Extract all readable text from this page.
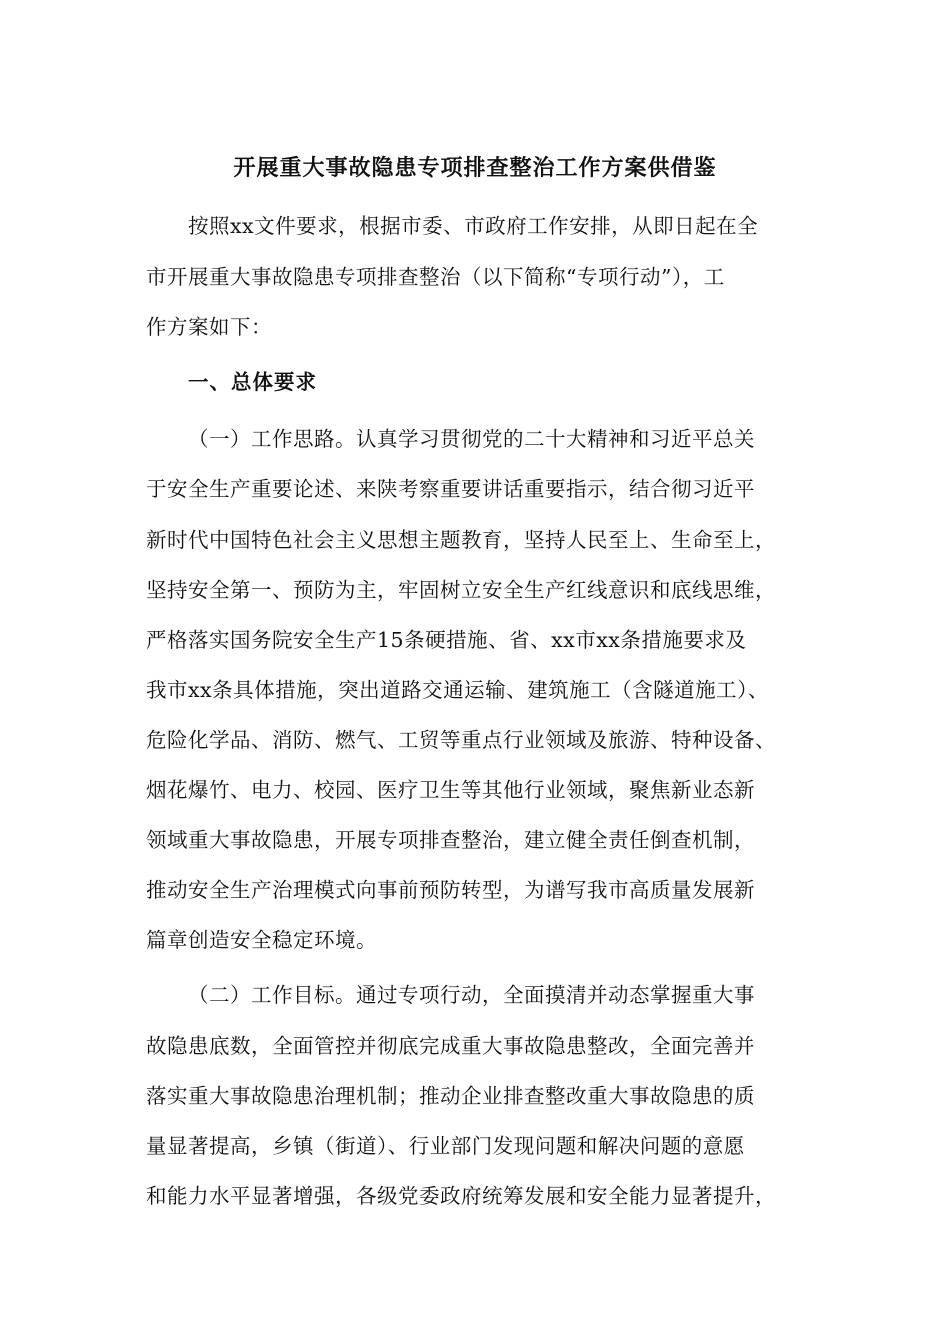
开展重大事故隐患专项排查整治工作方案供借鉴
按照xx文件要求，根据市委、市政府工作安排，从即日起在全
市开展重大事故隐患专项排查整治（以下简称“专项行动”），工
作方案如下：
一、总体要求
（一）工作思路。认真学习贯彻党的二十大精神和习近平总关
于安全生产重要论述、来陕考察重要讲话重要指示，结合彻习近平
新时代中国特色社会主义思想主题教育，坚持人民至上、生命至上，
坚持安全第一、预防为主，牢固树立安全生产红线意识和底线思维，
严格落实国务院安全生产15条硬措施、省、xx市xx条措施要求及
我市xx条具体措施，突出道路交通运输、建筑施工（含隧道施工）、
危险化学品、消防、燃气、工贸等重点行业领域及旅游、特种设备、
烟花爆竹、电力、校园、医疗卫生等其他行业领域，聚焦新业态新
领域重大事故隐患，开展专项排查整治，建立健全责任倒查机制，
推动安全生产治理模式向事前预防转型，为谱写我市高质量发展新
篇章创造安全稳定环境。
（二）工作目标。通过专项行动，全面摸清并动态掌握重大事
故隐患底数，全面管控并彻底完成重大事故隐患整改，全面完善并
落实重大事故隐患治理机制；推动企业排查整改重大事故隐患的质
量显著提高，乡镇（街道）、行业部门发现问题和解决问题的意愿
和能力水平显著增强，各级党委政府统筹发展和安全能力显著提升，
